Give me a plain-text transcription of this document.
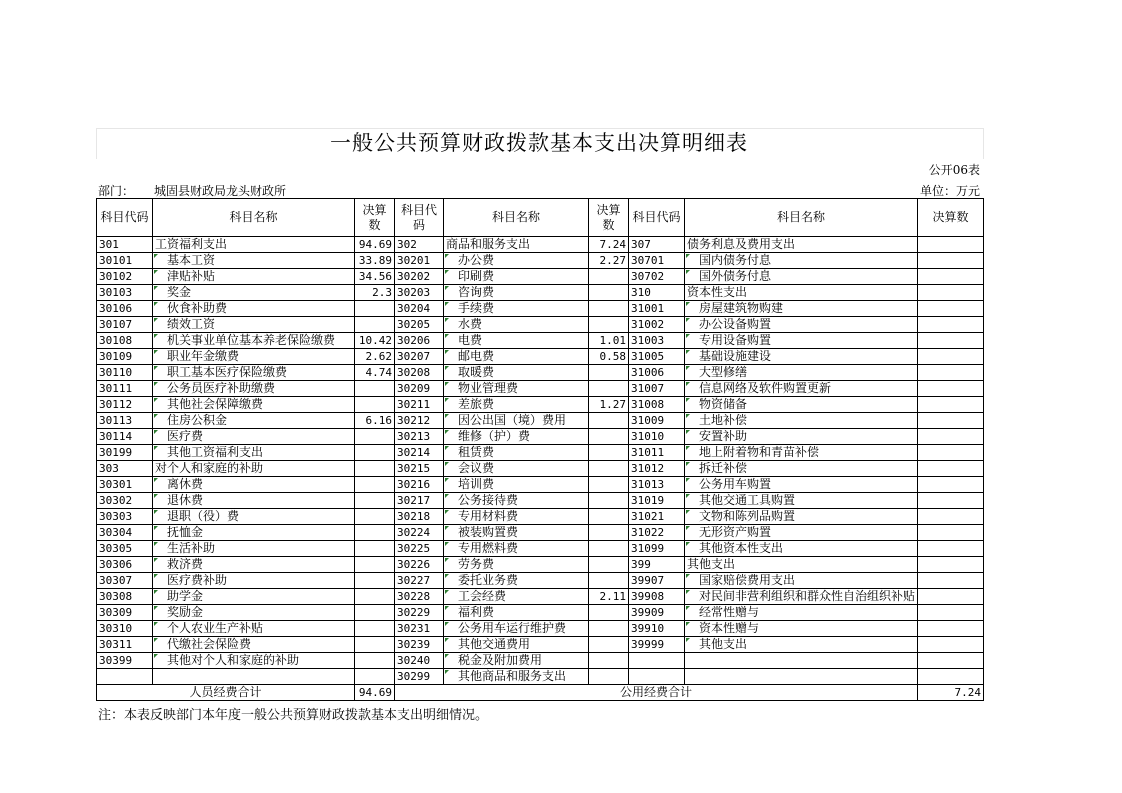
一般公共预算财政拨款基本支出决算明细表
公开06表
部门： 城固县财政局龙头财政所	单位：万元
科目代码	科目名称	决算数	科目代码	科目名称	决算数	科目代码	科目名称	决算数
301	工资福利支出	94.69	302	商品和服务支出	7.24	307	债务利息及费用支出	
30101	基本工资	33.89	30201	办公费	2.27	30701	国内债务付息	
30102	津贴补贴	34.56	30202	印刷费		30702	国外债务付息	
30103	奖金	2.3	30203	咨询费		310	资本性支出	
30106	伙食补助费		30204	手续费		31001	房屋建筑物购建	
30107	绩效工资		30205	水费		31002	办公设备购置	
30108	机关事业单位基本养老保险缴费	10.42	30206	电费	1.01	31003	专用设备购置	
30109	职业年金缴费	2.62	30207	邮电费	0.58	31005	基础设施建设	
30110	职工基本医疗保险缴费	4.74	30208	取暖费		31006	大型修缮	
30111	公务员医疗补助缴费		30209	物业管理费		31007	信息网络及软件购置更新	
30112	其他社会保障缴费		30211	差旅费	1.27	31008	物资储备	
30113	住房公积金	6.16	30212	因公出国（境）费用		31009	土地补偿	
30114	医疗费		30213	维修（护）费		31010	安置补助	
30199	其他工资福利支出		30214	租赁费		31011	地上附着物和青苗补偿	
303	对个人和家庭的补助		30215	会议费		31012	拆迁补偿	
30301	离休费		30216	培训费		31013	公务用车购置	
30302	退休费		30217	公务接待费		31019	其他交通工具购置	
30303	退职（役）费		30218	专用材料费		31021	文物和陈列品购置	
30304	抚恤金		30224	被装购置费		31022	无形资产购置	
30305	生活补助		30225	专用燃料费		31099	其他资本性支出	
30306	救济费		30226	劳务费		399	其他支出	
30307	医疗费补助		30227	委托业务费		39907	国家赔偿费用支出	
30308	助学金		30228	工会经费	2.11	39908	对民间非营利组织和群众性自治组织补贴	
30309	奖励金		30229	福利费		39909	经常性赠与	
30310	个人农业生产补贴		30231	公务用车运行维护费		39910	资本性赠与	
30311	代缴社会保险费		30239	其他交通费用		39999	其他支出	
30399	其他对个人和家庭的补助		30240	税金及附加费用				
			30299	其他商品和服务支出				
人员经费合计		94.69	公用经费合计					7.24
注：本表反映部门本年度一般公共预算财政拨款基本支出明细情况。
